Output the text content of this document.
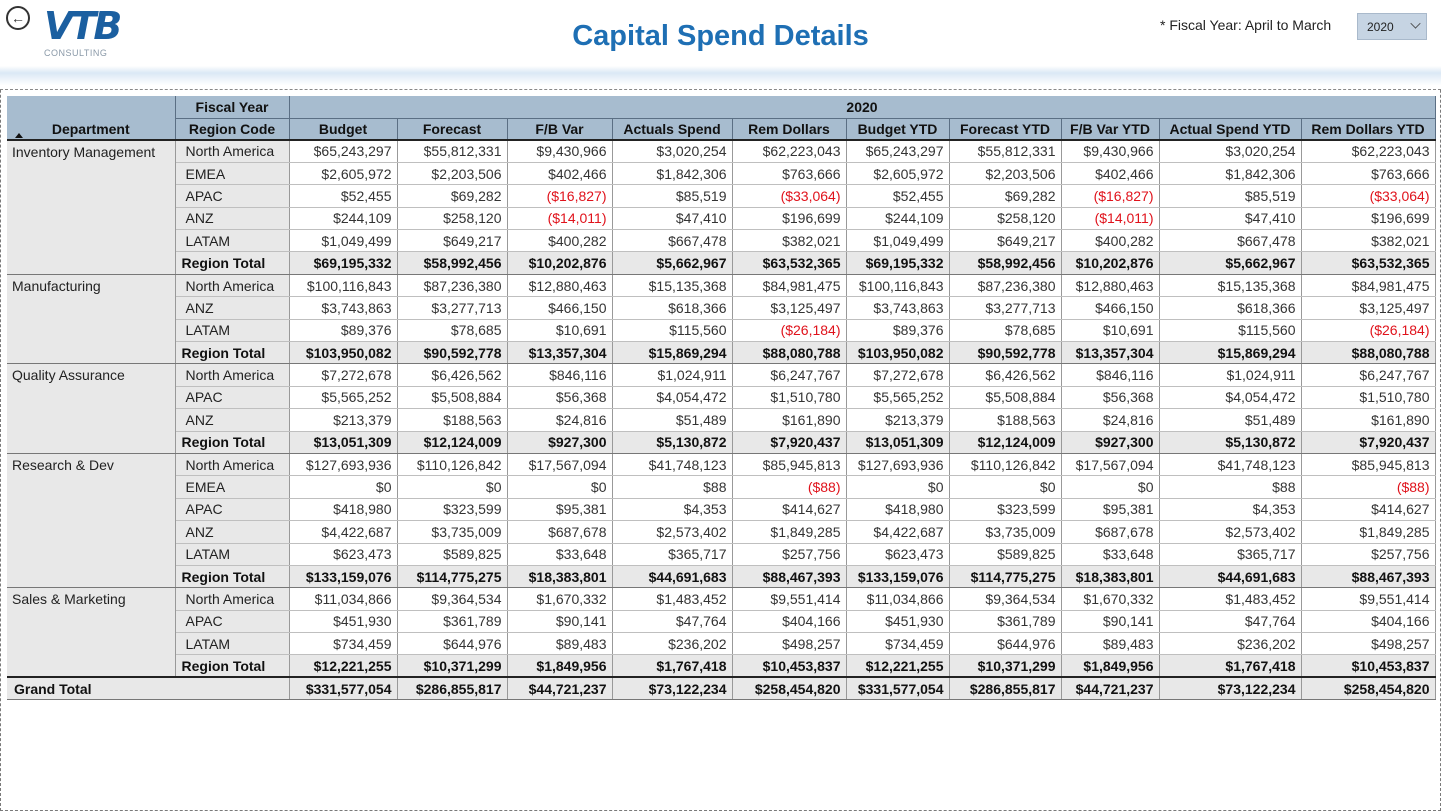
← VTB
CONSULTING
Capital Spend Details	* Fiscal Year: April to March	2020
	Fiscal Year	2020									
Department	Region Code	Budget	Forecast	F/B Var	Actuals Spend	Rem Dollars	Budget YTD	Forecast YTD	F/B Var YTD	Actual Spend YTD	Rem Dollars YTD
Inventory Management	North America	$65,243,297	$55,812,331	$9,430,966	$3,020,254	$62,223,043	$65,243,297	$55,812,331	$9,430,966	$3,020,254	$62,223,043
	EMEA	$2,605,972	$2,203,506	$402,466	$1,842,306	$763,666	$2,605,972	$2,203,506	$402,466	$1,842,306	$763,666
	APAC	$52,455	$69,282	($16,827)	$85,519	($33,064)	$52,455	$69,282	($16,827)	$85,519	($33,064)
	ANZ	$244,109	$258,120	($14,011)	$47,410	$196,699	$244,109	$258,120	($14,011)	$47,410	$196,699
	LATAM	$1,049,499	$649,217	$400,282	$667,478	$382,021	$1,049,499	$649,217	$400,282	$667,478	$382,021
	Region Total	$69,195,332	$58,992,456	$10,202,876	$5,662,967	$63,532,365	$69,195,332	$58,992,456	$10,202,876	$5,662,967	$63,532,365
Manufacturing	North America	$100,116,843	$87,236,380	$12,880,463	$15,135,368	$84,981,475	$100,116,843	$87,236,380	$12,880,463	$15,135,368	$84,981,475
	ANZ	$3,743,863	$3,277,713	$466,150	$618,366	$3,125,497	$3,743,863	$3,277,713	$466,150	$618,366	$3,125,497
	LATAM	$89,376	$78,685	$10,691	$115,560	($26,184)	$89,376	$78,685	$10,691	$115,560	($26,184)
	Region Total	$103,950,082	$90,592,778	$13,357,304	$15,869,294	$88,080,788	$103,950,082	$90,592,778	$13,357,304	$15,869,294	$88,080,788
Quality Assurance	North America	$7,272,678	$6,426,562	$846,116	$1,024,911	$6,247,767	$7,272,678	$6,426,562	$846,116	$1,024,911	$6,247,767
	APAC	$5,565,252	$5,508,884	$56,368	$4,054,472	$1,510,780	$5,565,252	$5,508,884	$56,368	$4,054,472	$1,510,780
	ANZ	$213,379	$188,563	$24,816	$51,489	$161,890	$213,379	$188,563	$24,816	$51,489	$161,890
	Region Total	$13,051,309	$12,124,009	$927,300	$5,130,872	$7,920,437	$13,051,309	$12,124,009	$927,300	$5,130,872	$7,920,437
Research & Dev	North America	$127,693,936	$110,126,842	$17,567,094	$41,748,123	$85,945,813	$127,693,936	$110,126,842	$17,567,094	$41,748,123	$85,945,813
	EMEA	$0	$0	$0	$88	($88)	$0	$0	$0	$88	($88)
	APAC	$418,980	$323,599	$95,381	$4,353	$414,627	$418,980	$323,599	$95,381	$4,353	$414,627
	ANZ	$4,422,687	$3,735,009	$687,678	$2,573,402	$1,849,285	$4,422,687	$3,735,009	$687,678	$2,573,402	$1,849,285
	LATAM	$623,473	$589,825	$33,648	$365,717	$257,756	$623,473	$589,825	$33,648	$365,717	$257,756
	Region Total	$133,159,076	$114,775,275	$18,383,801	$44,691,683	$88,467,393	$133,159,076	$114,775,275	$18,383,801	$44,691,683	$88,467,393
Sales & Marketing	North America	$11,034,866	$9,364,534	$1,670,332	$1,483,452	$9,551,414	$11,034,866	$9,364,534	$1,670,332	$1,483,452	$9,551,414
	APAC	$451,930	$361,789	$90,141	$47,764	$404,166	$451,930	$361,789	$90,141	$47,764	$404,166
	LATAM	$734,459	$644,976	$89,483	$236,202	$498,257	$734,459	$644,976	$89,483	$236,202	$498,257
	Region Total	$12,221,255	$10,371,299	$1,849,956	$1,767,418	$10,453,837	$12,221,255	$10,371,299	$1,849,956	$1,767,418	$10,453,837
Grand Total		$331,577,054	$286,855,817	$44,721,237	$73,122,234	$258,454,820	$331,577,054	$286,855,817	$44,721,237	$73,122,234	$258,454,820
